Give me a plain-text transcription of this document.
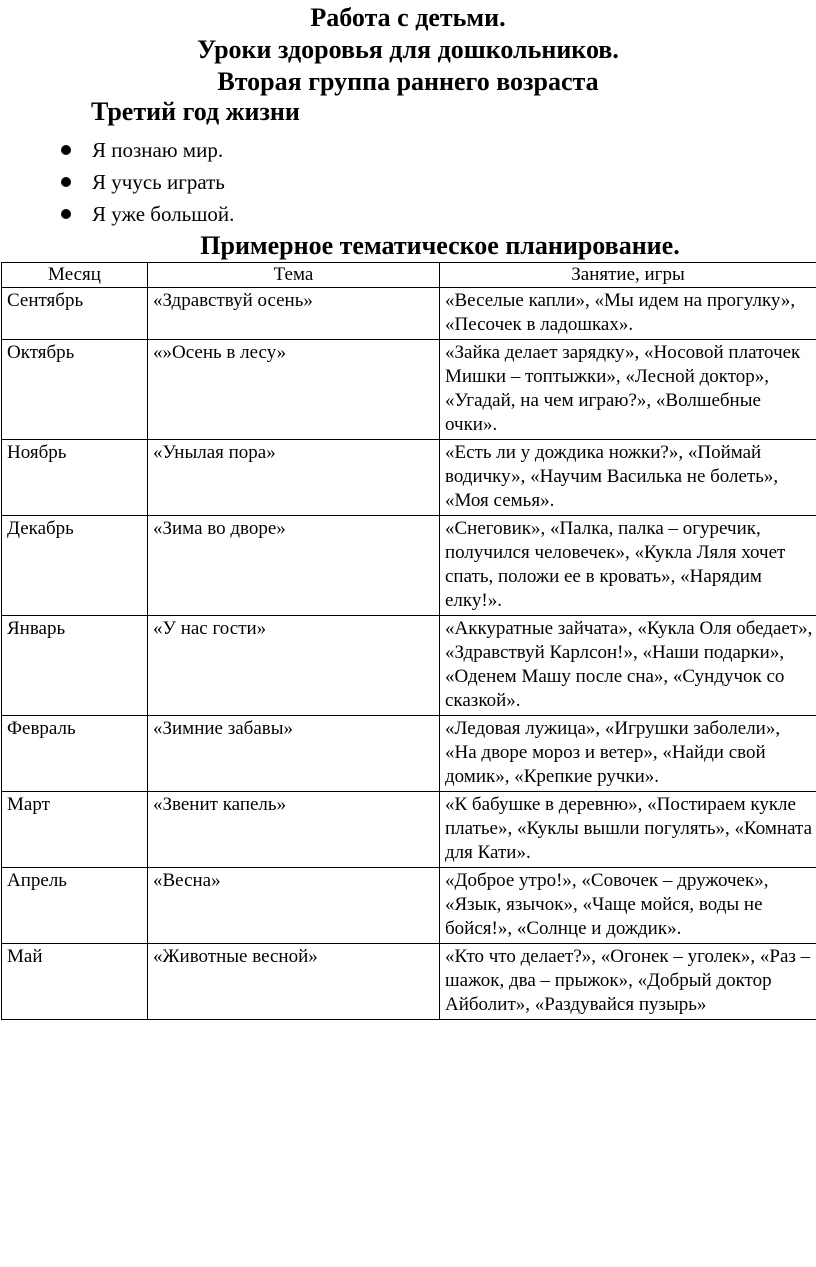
Работа с детьми.

Уроки здоровья для дошкольников.

Вторая группа раннего возраста

Третий год жизни

Я познаю мир.
Я учусь играть
Я уже большой.

Примерное тематическое планирование.

Месяц	Тема	Занятие, игры
Сентябрь	«Здравствуй осень»	«Веселые капли», «Мы идем на прогулку», «Песочек в ладошках».
Октябрь	«»Осень в лесу»	«Зайка делает зарядку», «Носовой платочек Мишки – топтыжки», «Лесной доктор», «Угадай, на чем играю?», «Волшебные очки».
Ноябрь	«Унылая пора»	«Есть ли у дождика ножки?», «Поймай водичку», «Научим Василька не болеть», «Моя семья».
Декабрь	«Зима во дворе»	«Снеговик», «Палка, палка – огуречик, получился человечек», «Кукла Ляля хочет спать, положи ее в кровать», «Нарядим елку!».
Январь	«У нас гости»	«Аккуратные зайчата», «Кукла Оля обедает», «Здравствуй Карлсон!», «Наши подарки», «Оденем Машу после сна», «Сундучок со сказкой».
Февраль	«Зимние забавы»	«Ледовая лужица», «Игрушки заболели», «На дворе мороз и ветер», «Найди свой домик», «Крепкие ручки».
Март	«Звенит капель»	«К бабушке в деревню», «Постираем кукле платье», «Куклы вышли погулять», «Комната для Кати».
Апрель	«Весна»	«Доброе утро!», «Совочек – дружочек», «Язык, язычок», «Чаще мойся, воды не бойся!», «Солнце и дождик».
Май	«Животные весной»	«Кто что делает?», «Огонек – уголек», «Раз – шажок, два – прыжок», «Добрый доктор Айболит», «Раздувайся пузырь»
